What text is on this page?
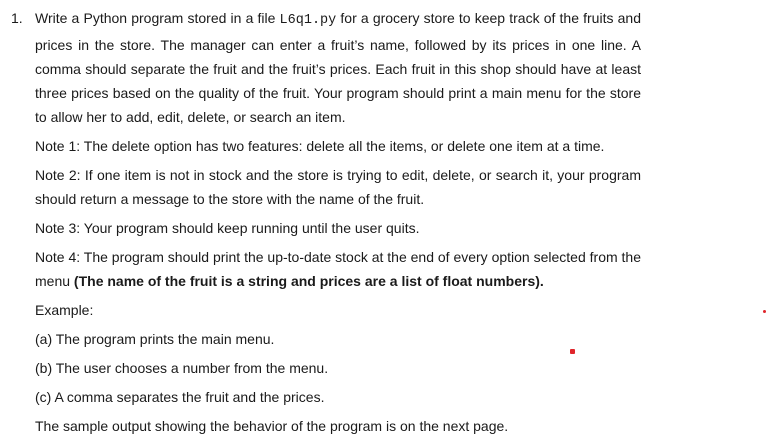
1. Write a Python program stored in a file L6q1.py for a grocery store to keep track of the fruits and prices in the store. The manager can enter a fruit’s name, followed by its prices in one line. A comma should separate the fruit and the fruit’s prices. Each fruit in this shop should have at least three prices based on the quality of the fruit. Your program should print a main menu for the store to allow her to add, edit, delete, or search an item.

Note 1: The delete option has two features: delete all the items, or delete one item at a time.

Note 2: If one item is not in stock and the store is trying to edit, delete, or search it, your program should return a message to the store with the name of the fruit.

Note 3: Your program should keep running until the user quits.

Note 4: The program should print the up-to-date stock at the end of every option selected from the menu (The name of the fruit is a string and prices are a list of float numbers).

Example:

(a) The program prints the main menu.

(b) The user chooses a number from the menu.

(c) A comma separates the fruit and the prices.

The sample output showing the behavior of the program is on the next page.
